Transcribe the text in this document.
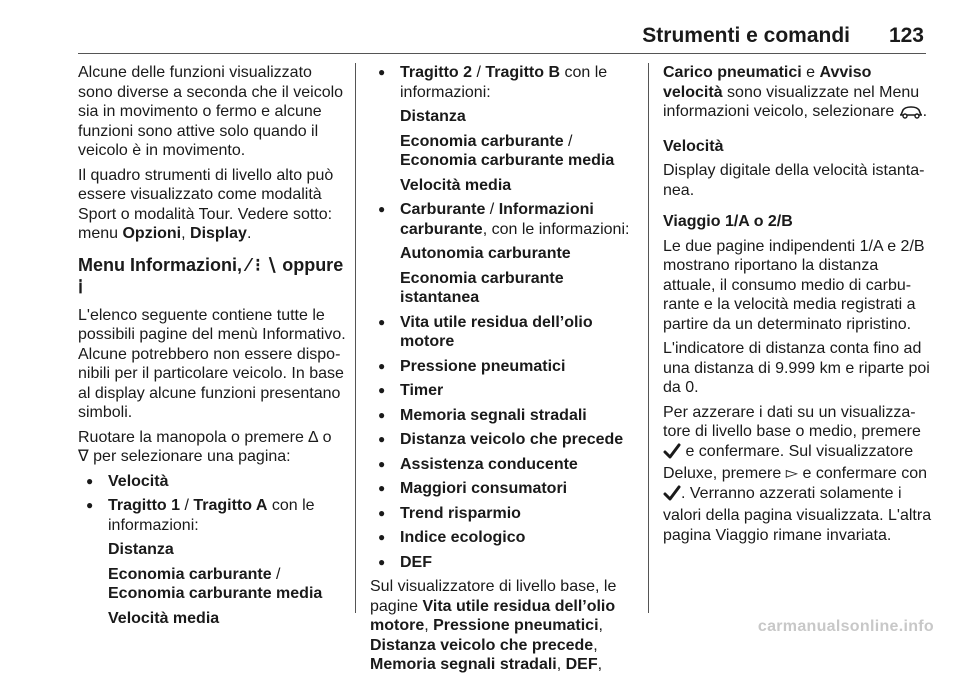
Strumenti e comandi 123

Alcune delle funzioni visualizzato sono diverse a seconda che il veicolo sia in movimento o fermo e alcune funzioni sono attive solo quando il veicolo è in movimento.

Il quadro strumenti di livello alto può essere visualizzato come modalità Sport o modalità Tour. Vedere sotto: menu Opzioni, Display.

Menu Informazioni, ⁄ ⁝ ∖ oppure ⅰ

L'elenco seguente contiene tutte le possibili pagine del menù Informativo. Alcune potrebbero non essere disponibili per il particolare veicolo. In base al display alcune funzioni presentano simboli.

Ruotare la manopola o premere ∆ o
∇ per selezionare una pagina:

● Velocità
● Tragitto 1 / Tragitto A con le informazioni:

Distanza

Economia carburante /
Economia carburante media

Velocità media

● Tragitto 2 / Tragitto B con le informazioni:

Distanza

Economia carburante /
Economia carburante media

Velocità media

● Carburante / Informazioni carburante, con le informazioni:

Autonomia carburante

Economia carburante istantanea

● Vita utile residua dell’olio motore
● Pressione pneumatici
● Timer
● Memoria segnali stradali
● Distanza veicolo che precede
● Assistenza conducente
● Maggiori consumatori
● Trend risparmio
● Indice ecologico
● DEF

Sul visualizzatore di livello base, le pagine Vita utile residua dell’olio motore, Pressione pneumatici, Distanza veicolo che precede, Memoria segnali stradali, DEF,

Carico pneumatici e Avviso velocità sono visualizzate nel Menu informazioni veicolo, selezionare .

Velocità

Display digitale della velocità istantanea.

Viaggio 1/A o 2/B

Le due pagine indipendenti 1/A e 2/B mostrano riportano la distanza attuale, il consumo medio di carburante e la velocità media registrati a partire da un determinato ripristino.

L'indicatore di distanza conta fino ad una distanza di 9.999 km e riparte poi da 0.

Per azzerare i dati su un visualizzatore di livello base o medio, premere
e confermare. Sul visualizzatore Deluxe, premere ▻ e confermare con
. Verranno azzerati solamente i valori della pagina visualizzata. L'altra pagina Viaggio rimane invariata.

carmanualsonline.info
